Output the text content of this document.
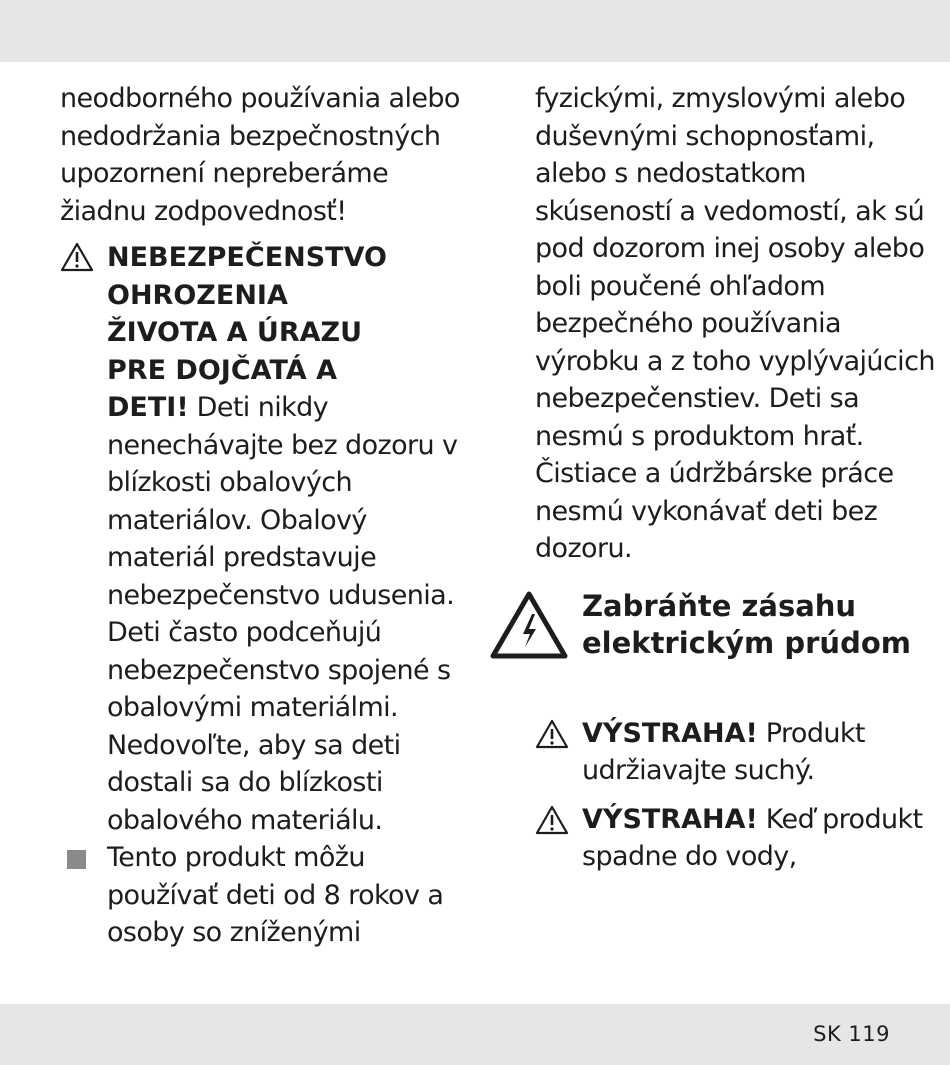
neodborného používania alebo nedodržania bezpečnostných upozornení nepreberáme žiadnu zodpovednosť!

NEBEZPEČENSTVO
OHROZENIA
ŽIVOTA A ÚRAZU
PRE DOJČATÁ A
DETI! Deti nikdy nenechávajte bez dozoru v blízkosti obalových materiálov. Obalový materiál predstavuje nebezpečenstvo udusenia. Deti často podceňujú nebezpečenstvo spojené s obalovými materiálmi. Nedovoľte, aby sa deti dostali sa do blízkosti obalového materiálu.

Tento produkt môžu používať deti od 8 rokov a osoby so zníženými

fyzickými, zmyslovými alebo duševnými schopnosťami, alebo s nedostatkom skúseností a vedomostí, ak sú pod dozorom inej osoby alebo boli poučené ohľadom bezpečného používania výrobku a z toho vyplývajúcich nebezpečenstiev. Deti sa nesmú s produktom hrať. Čistiace a údržbárske práce nesmú vykonávať deti bez dozoru.

Zabráňte zásahu elektrickým prúdom

VÝSTRAHA! Produkt udržiavajte suchý.

VÝSTRAHA! Keď produkt spadne do vody,

SK 119
